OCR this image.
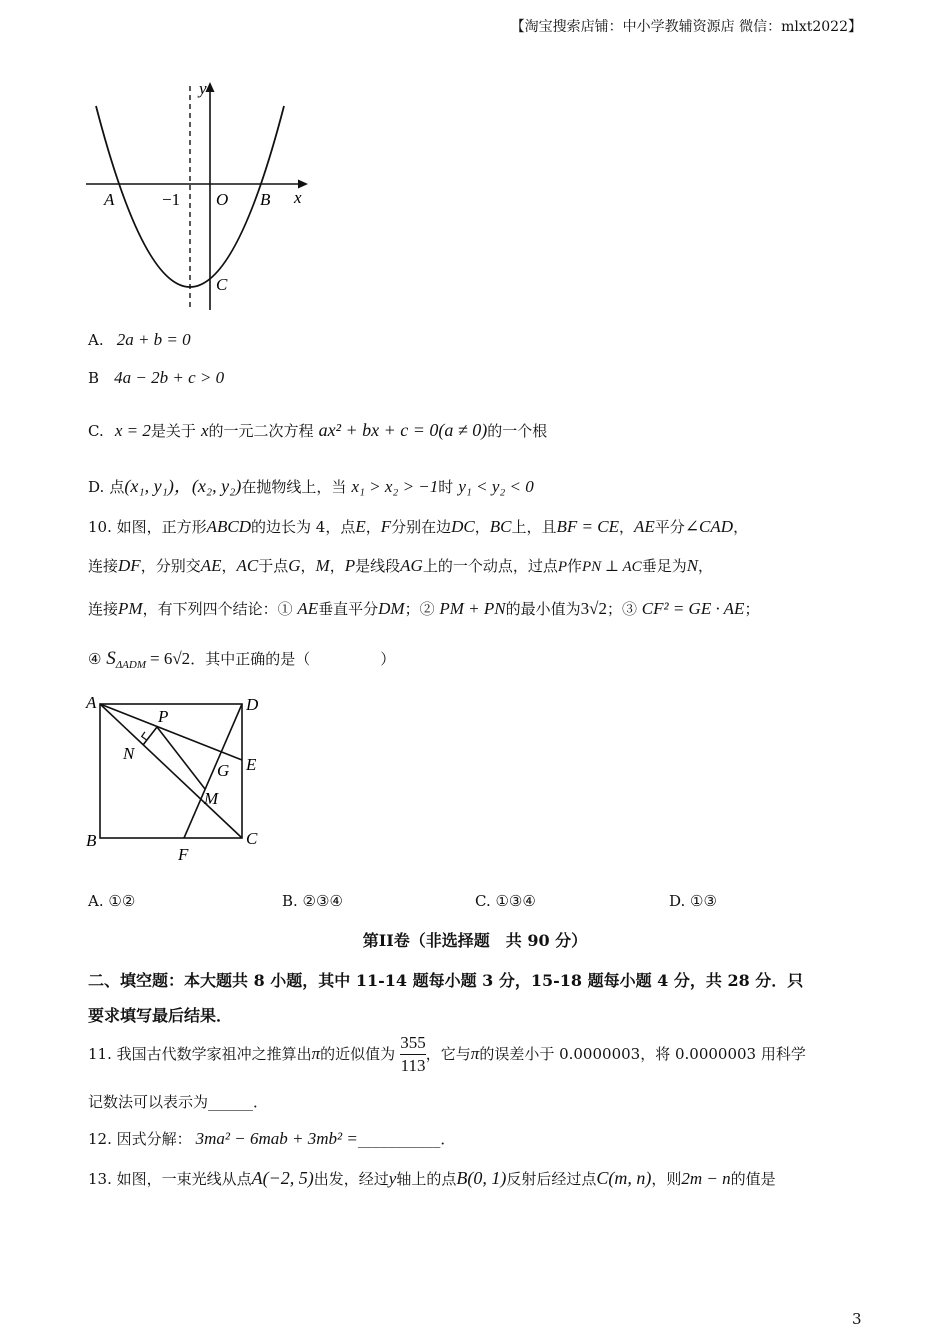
【淘宝搜索店铺：中小学教辅资源店 微信：mlxt2022】
y
x
A	−1 O B
C
A. 2a + b = 0
B 4a − 2b + c > 0
C. x = 2是关于 x的一元二次方程 ax² + bx + c = 0(a ≠ 0)的一个根
D. 点(x₁, y₁)，(x₂, y₂)在抛物线上，当 x₁ > x₂ > −1时 y₁ < y₂ < 0
10. 如图，正方形ABCD的边长为 4，点E，F分别在边DC，BC上，且BF = CE，AE平分∠CAD，
连接DF，分别交AE，AC于点G，M，P是线段AG上的一个动点，过点P作PN ⊥ AC垂足为N，
连接PM，有下列四个结论：① AE垂直平分DM；② PM + PN的最小值为3√2；③ CF² = GE · AE；
④ $S_{\Delta ADM} = 6√2$．其中正确的是（	）
A	D
P
N
E
G
M
B	C
F
A. ①②	B. ②③④	C. ①③④	D. ①③
第II卷（非选择题　共 90 分）
二、填空题：本大题共 8 小题，其中 11-14 题每小题 3 分，15-18 题每小题 4 分，共 28 分．只
要求填写最后结果．
11. 我国古代数学家祖冲之推算出π的近似值为 $\frac{355}{113}$ ，它与π的误差小于 0.0000003，将 0.0000003 用科学
记数法可以表示为______．
12. 因式分解： 3ma² − 6mab + 3mb² =___________．
13. 如图，一束光线从点A(−2, 5)出发，经过y轴上的点B(0, 1)反射后经过点C(m, n)，则2m − n的值是
3
